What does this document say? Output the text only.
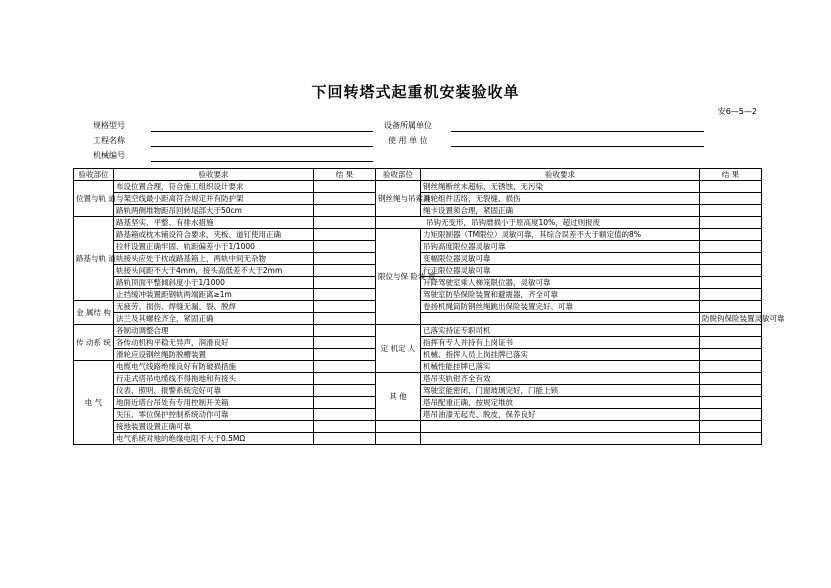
下回转塔式起重机安装验收单
安6—5—2
规格型号
工程名称
机械编号
设备所属单位
使 用 单 位
验收部位	验收要求	结 果	验收部位	验收要求	结 果	
位置与轨 道	布设位置合理，符合施工组织设计要求		钢丝绳与吊索具	钢丝绳断丝未超标，无锈蚀、无污染		
	与架空线最小距离符合规定并有防护架			滑轮组件活络，无裂缝、损伤		
	路轨两侧堆物距吊回转尾部大于50cm			绳卡设置须合理，紧固正确		
路基与轨 道	路基坚实、平整、有排水措施		吊钩无变形，吊钩磨损小于原高度10%，超过则报废			
	路基箱或枕木铺设符合要求，夹板、道钉使用正确		限位与保 险装 置	力矩限制器（TM限位）灵敏可靠，其综合误差不大于额定值的8%		
	拉杆设置正确牢固、轨距偏差小于1/1000			吊钩高度限位器灵敏可靠		
	轨接头应处于枕或路基箱上，两轨中间无杂物			变幅限位器灵敏可靠		
	轨接头间距不大于4mm，接头高低差不大于2mm			行走限位器灵敏可靠		
	路轨顶面平整倾斜度小于1/1000			升降驾驶室乘人梯笼限位器，灵敏可靠		
	止挡缓冲装置距钢轨两端距离≥1m			驾驶室防坠保险装置和避震器，齐全可靠		
金 属结 构	无疲劳、损伤、焊缝无漏、裂、脱焊			卷扬机绳筒防钢丝绳跳出保险装置完好、可靠		
	法兰及其螺栓齐全，紧固正确				防脱钩保险装置灵敏可靠	
传 动系 统	各制动调整合理		定 机定 人	已落实持证专职司机		
	各传动机构平稳无异声，润滑良好			指挥有专人并持有上岗证书		
	滑轮应设钢丝绳防脱槽装置			机械、指挥人员上岗挂牌已落实		
电 气	电缆电气线路绝缘良好有防破损措施			机械性能挂牌已落实		
	行走式塔吊电缆线不得拖地和有接头		其 他	塔吊夹轨钳齐全有效		
	仪表、照明、报警系统完好可靠			驾驶室能密闭，门窗玻璃完好，门能上锁		
	地面近塔台吊处有专用控制开关箱			塔吊配重正确，按规定堆放		
	失压、零位保护控制系统动作可靠			塔吊油漆无起壳、脱皮，保养良好		
	接地装置设置正确可靠					
	电气系统对地的绝缘电阻不大于0.5MΩ					
